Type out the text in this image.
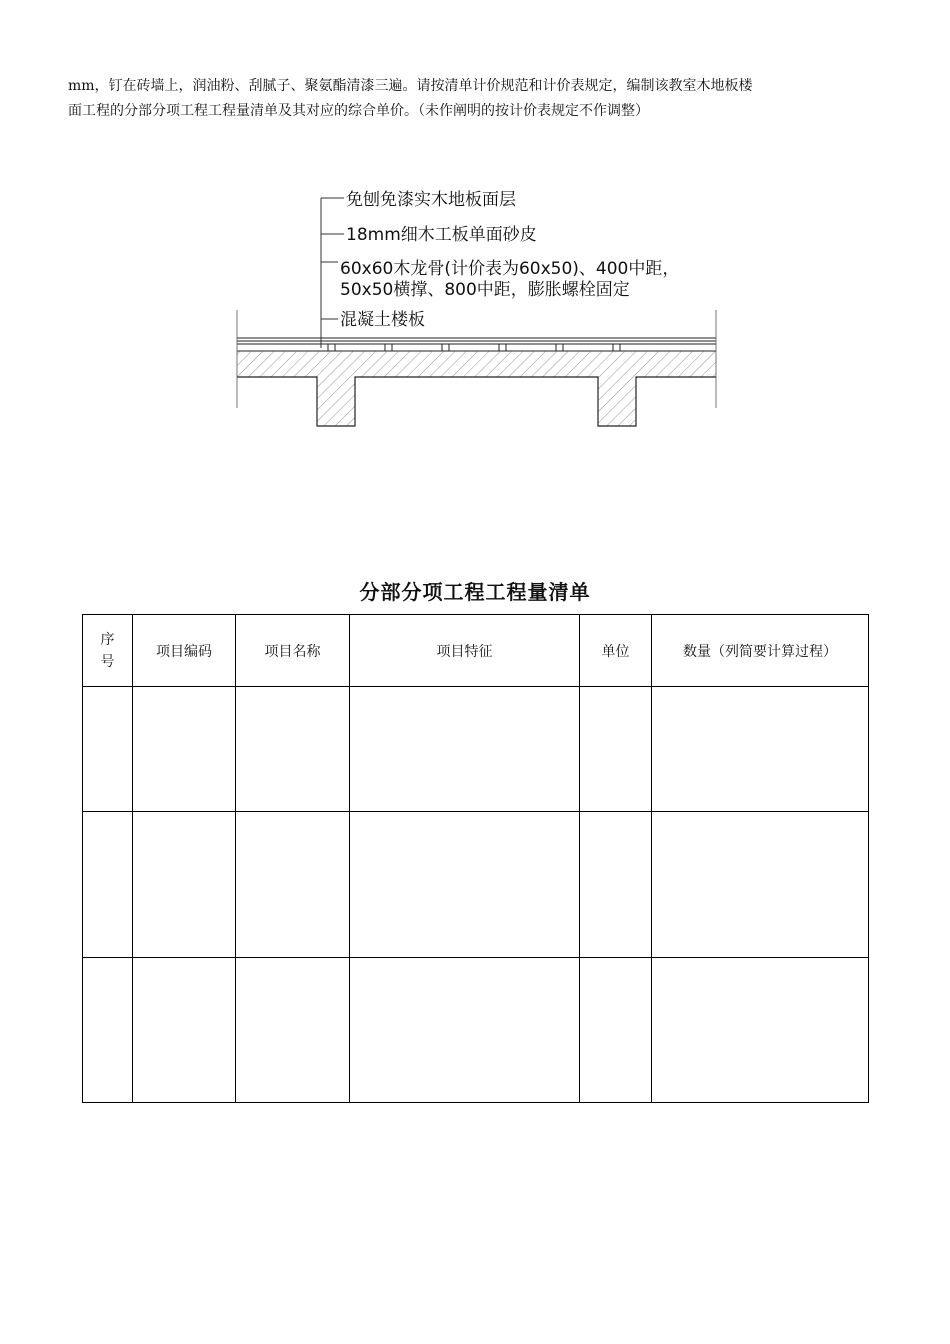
mm，钉在砖墙上，润油粉、刮腻子、聚氨酯清漆三遍。请按清单计价规范和计价表规定，编制该教室木地板楼

面工程的分部分项工程工程量清单及其对应的综合单价。（未作阐明的按计价表规定不作调整）

免刨免漆实木地板面层
18mm细木工板单面砂皮
60x60木龙骨(计价表为60x50)、400中距，
50x50横撑、800中距，膨胀螺栓固定
混凝土楼板
分部分项工程工程量清单
序
号	项目编码	项目名称	项目特征	单位	数量（列简要计算过程）
